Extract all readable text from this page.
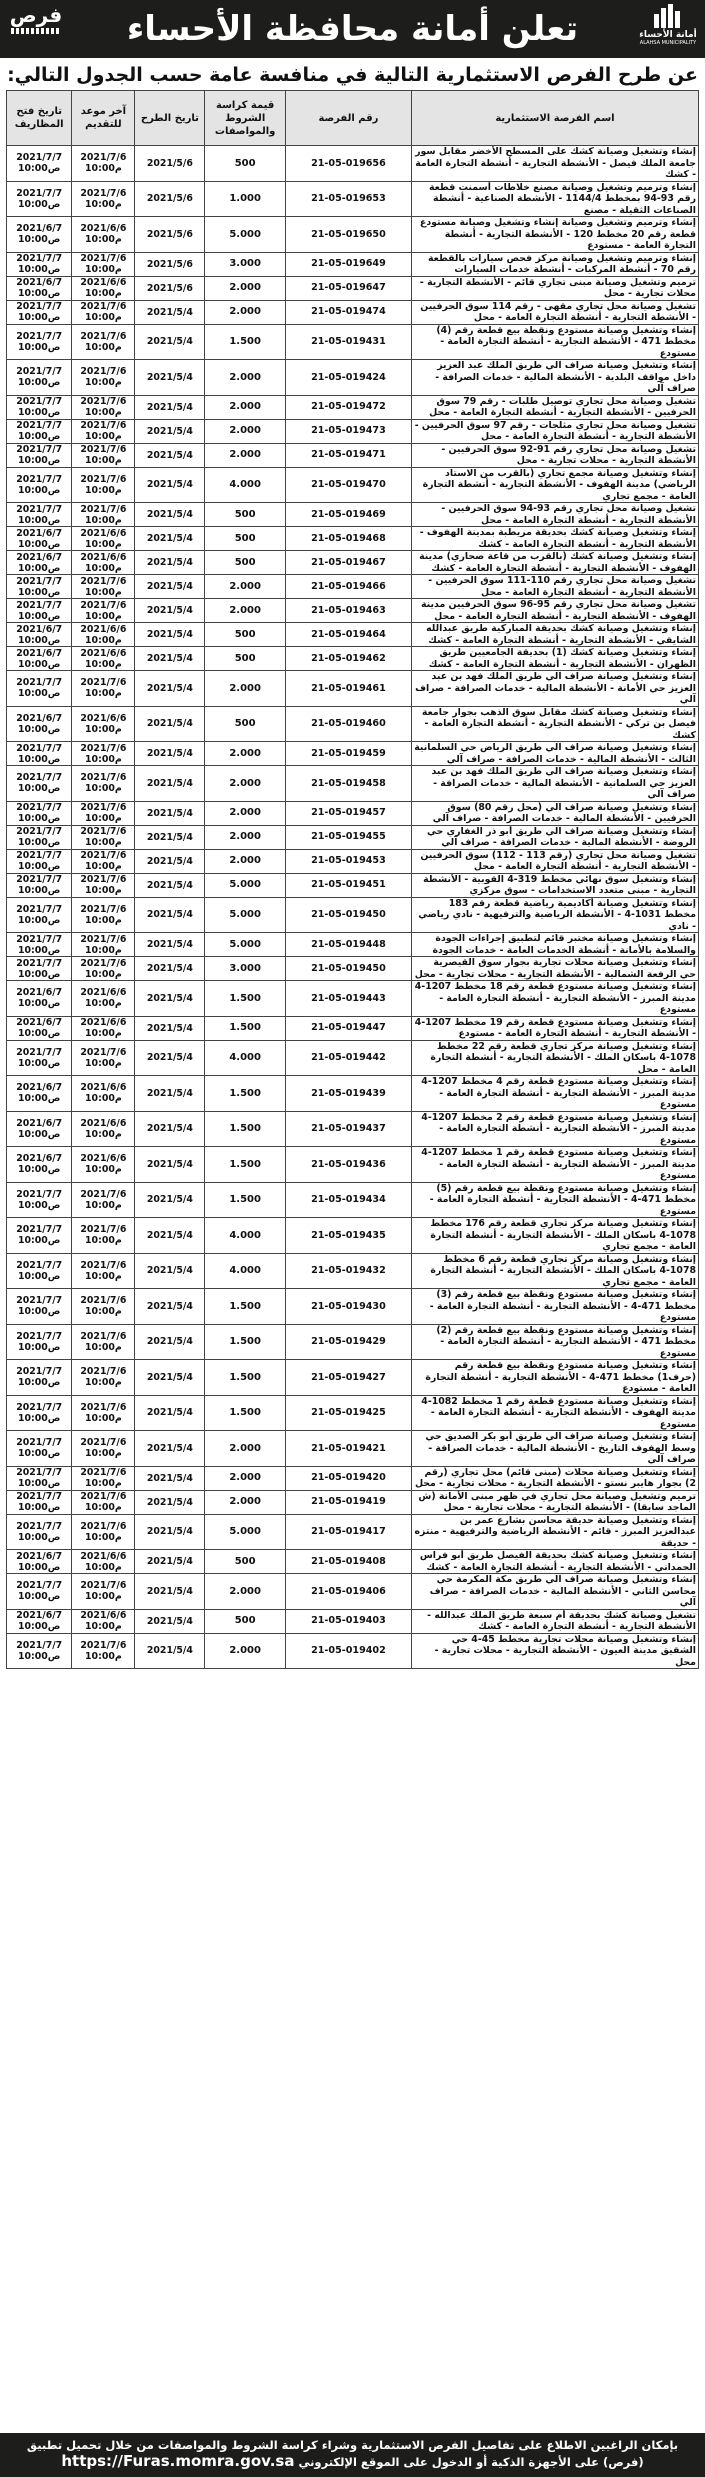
أمانة الأحساء
ALAHSA MUNICIPALITY
تعلن أمانة محافظة الأحساء
فرص
عن طرح الفرص الاستثمارية التالية في منافسة عامة حسب الجدول التالي:
اسم الفرصة الاستثمارية	رقم الفرصة	قيمة كراسة الشروط والمواصفات	تاريخ الطرح	آخر موعد للتقديم	تاريخ فتح المظاريف
إنشاء وتشغيل وصيانة كشك على المسطح الأخضر مقابل سور جامعة الملك فيصل - الأنشطة التجارية - أنشطة التجارة العامة - كشك	21-05-019656	500	2021/5/6	2021/7/6 10:00م	2021/7/7 10:00ص
إنشاء وترميم وتشغيل وصيانة مصنع خلاطات أسمنت قطعة رقم 93-94 بمخطط 1144/4 - الأنشطة الصناعية - أنشطة الصناعات الثقيلة - مصنع	21-05-019653	1.000	2021/5/6	2021/7/6 10:00م	2021/7/7 10:00ص
إنشاء وترميم وتشغيل وصيانة إنشاء وتشغيل وصيانة مستودع قطعة رقم 20 مخطط 120 - الأنشطة التجارية - أنشطة التجارة العامة - مستودع	21-05-019650	5.000	2021/5/6	2021/6/6 10:00م	2021/6/7 10:00ص
إنشاء وترميم وتشغيل وصيانة مركز فحص سيارات بالقطعة رقم 70 - أنشطة المركبات - أنشطة خدمات السيارات	21-05-019649	3.000	2021/5/6	2021/7/6 10:00م	2021/7/7 10:00ص
ترميم وتشغيل وصيانة مبنى تجاري قائم - الأنشطة التجارية - محلات تجارية - محل	21-05-019647	2.000	2021/5/6	2021/6/6 10:00م	2021/6/7 10:00ص
تشغيل وصيانة محل تجاري مقهى - رقم 114 سوق الحرفيين - الأنشطة التجارية - أنشطة التجارة العامة - محل	21-05-019474	2.000	2021/5/4	2021/7/6 10:00م	2021/7/7 10:00ص
إنشاء وتشغيل وصيانة مستودع ونقطة بيع قطعة رقم (4) مخطط 471 - الأنشطة التجارية - أنشطة التجارة العامة - مستودع	21-05-019431	1.500	2021/5/4	2021/7/6 10:00م	2021/7/7 10:00ص
إنشاء وتشغيل وصيانة صراف آلي طريق الملك عبد العزيز داخل مواقف البلدية - الأنشطة المالية - خدمات الصرافة - صراف آلي	21-05-019424	2.000	2021/5/4	2021/7/6 10:00م	2021/7/7 10:00ص
تشغيل وصيانة محل تجاري توصيل طلبات - رقم 79 سوق الحرفيين - الأنشطة التجارية - أنشطة التجارة العامة - محل	21-05-019472	2.000	2021/5/4	2021/7/6 10:00م	2021/7/7 10:00ص
تشغيل وصيانة محل تجاري مثلجات - رقم 97 سوق الحرفيين - الأنشطة التجارية - أنشطة التجارة العامة - محل	21-05-019473	2.000	2021/5/4	2021/7/6 10:00م	2021/7/7 10:00ص
تشغيل وصيانة محل تجاري رقم 91-92 سوق الحرفيين - الأنشطة التجارية - محلات تجارية - محل	21-05-019471	2.000	2021/5/4	2021/7/6 10:00م	2021/7/7 10:00ص
إنشاء وتشغيل وصيانة مجمع تجاري (بالقرب من الاستاد الرياضي) مدينة الهفوف - الأنشطة التجارية - أنشطة التجارة العامة - مجمع تجاري	21-05-019470	4.000	2021/5/4	2021/7/6 10:00م	2021/7/7 10:00ص
تشغيل وصيانة محل تجاري رقم 93-94 سوق الحرفيين - الأنشطة التجارية - أنشطة التجارة العامة - محل	21-05-019469	500	2021/5/4	2021/7/6 10:00م	2021/7/7 10:00ص
إنشاء وتشغيل وصيانة كشك بحديقة مريطبة بمدينة الهفوف - الأنشطة التجارية - أنشطة التجارة العامة - كشك	21-05-019468	500	2021/5/4	2021/6/6 10:00م	2021/6/7 10:00ص
إنشاء وتشغيل وصيانة كشك (بالقرب من قاعة صحاري) مدينة الهفوف - الأنشطة التجارية - أنشطة التجارة العامة - كشك	21-05-019467	500	2021/5/4	2021/6/6 10:00م	2021/6/7 10:00ص
تشغيل وصيانة محل تجاري رقم 110-111 سوق الحرفيين - الأنشطة التجارية - أنشطة التجارة العامة - محل	21-05-019466	2.000	2021/5/4	2021/7/6 10:00م	2021/7/7 10:00ص
تشغيل وصيانة محل تجاري رقم 95-96 سوق الحرفيين مدينة الهفوف - الأنشطة التجارية - أنشطة التجارة العامة - محل	21-05-019463	2.000	2021/5/4	2021/7/6 10:00م	2021/7/7 10:00ص
إنشاء وتشغيل وصيانة كشك بحديقة المباركية طريق عبدالله الشايقي - الأنشطة التجارية - أنشطة التجارة العامة - كشك	21-05-019464	500	2021/5/4	2021/6/6 10:00م	2021/6/7 10:00ص
إنشاء وتشغيل وصيانة كشك (1) بحديقة الجامعيين طريق الظهران - الأنشطة التجارية - أنشطة التجارة العامة - كشك	21-05-019462	500	2021/5/4	2021/6/6 10:00م	2021/6/7 10:00ص
إنشاء وتشغيل وصيانة صراف آلي طريق الملك فهد بن عبد العزيز حي الأمانة - الأنشطة المالية - خدمات الصرافة - صراف آلي	21-05-019461	2.000	2021/5/4	2021/7/6 10:00م	2021/7/7 10:00ص
إنشاء وتشغيل وصيانة كشك مقابل سوق الذهب بجوار جامعة فيصل بن تركي - الأنشطة التجارية - أنشطة التجارة العامة - كشك	21-05-019460	500	2021/5/4	2021/6/6 10:00م	2021/6/7 10:00ص
إنشاء وتشغيل وصيانة صراف آلي طريق الرياض حي السلمانية الثالث - الأنشطة المالية - خدمات الصرافة - صراف آلي	21-05-019459	2.000	2021/5/4	2021/7/6 10:00م	2021/7/7 10:00ص
إنشاء وتشغيل وصيانة صراف آلي طريق الملك فهد بن عبد العزيز حي السلمانية - الأنشطة المالية - خدمات الصرافة - صراف آلي	21-05-019458	2.000	2021/5/4	2021/7/6 10:00م	2021/7/7 10:00ص
إنشاء وتشغيل وصيانة صراف آلي (محل رقم 80) سوق الحرفيين - الأنشطة المالية - خدمات الصرافة - صراف آلي	21-05-019457	2.000	2021/5/4	2021/7/6 10:00م	2021/7/7 10:00ص
إنشاء وتشغيل وصيانة صراف آلي طريق أبو ذر الغفاري حي الروضة - الأنشطة المالية - خدمات الصرافة - صراف آلي	21-05-019455	2.000	2021/5/4	2021/7/6 10:00م	2021/7/7 10:00ص
تشغيل وصيانة محل تجاري (رقم 113 - 112) سوق الحرفيين - الأنشطة التجارية - أنشطة التجارة العامة - محل	21-05-019453	2.000	2021/5/4	2021/7/6 10:00م	2021/7/7 10:00ص
إنشاء وتشغيل سوق نهائي مخطط 319-4 القوبية - الأنشطة التجارية - مبنى متعدد الاستخدامات - سوق مركزي	21-05-019451	5.000	2021/5/4	2021/7/6 10:00م	2021/7/7 10:00ص
إنشاء وتشغيل وصيانة أكاديمية رياضية قطعة رقم 183 مخطط 1031-4 - الأنشطة الرياضية والترفيهية - نادي رياضي - نادي	21-05-019450	5.000	2021/5/4	2021/7/6 10:00م	2021/7/7 10:00ص
إنشاء وتشغيل وصيانة مختبر قائم لتطبيق إجراءات الجودة والسلامة بالأمانة - أنشطة الخدمات العامة - خدمات الجودة	21-05-019448	5.000	2021/5/4	2021/7/6 10:00م	2021/7/7 10:00ص
إنشاء وتشغيل وصيانة محلات تجارية بجوار سوق القيصرية حي الرفعة الشمالية - الأنشطة التجارية - محلات تجارية - محل	21-05-019450	3.000	2021/5/4	2021/7/6 10:00م	2021/7/7 10:00ص
إنشاء وتشغيل وصيانة مستودع قطعة رقم 18 مخطط 1207-4 مدينة المبرز - الأنشطة التجارية - أنشطة التجارة العامة - مستودع	21-05-019443	1.500	2021/5/4	2021/6/6 10:00م	2021/6/7 10:00ص
إنشاء وتشغيل وصيانة مستودع قطعة رقم 19 مخطط 1207-4 - الأنشطة التجارية - أنشطة التجارة العامة - مستودع	21-05-019447	1.500	2021/5/4	2021/6/6 10:00م	2021/6/7 10:00ص
إنشاء وتشغيل وصيانة مركز تجاري قطعة رقم 22 مخطط 1078-4 باسكان الملك - الأنشطة التجارية - أنشطة التجارة العامة - محل	21-05-019442	4.000	2021/5/4	2021/7/6 10:00م	2021/7/7 10:00ص
إنشاء وتشغيل وصيانة مستودع قطعة رقم 4 مخطط 1207-4 مدينة المبرز - الأنشطة التجارية - أنشطة التجارة العامة - مستودع	21-05-019439	1.500	2021/5/4	2021/6/6 10:00م	2021/6/7 10:00ص
إنشاء وتشغيل وصيانة مستودع قطعة رقم 2 مخطط 1207-4 مدينة المبرز - الأنشطة التجارية - أنشطة التجارة العامة - مستودع	21-05-019437	1.500	2021/5/4	2021/6/6 10:00م	2021/6/7 10:00ص
إنشاء وتشغيل وصيانة مستودع قطعة رقم 1 مخطط 1207-4 مدينة المبرز - الأنشطة التجارية - أنشطة التجارة العامة - مستودع	21-05-019436	1.500	2021/5/4	2021/6/6 10:00م	2021/6/7 10:00ص
إنشاء وتشغيل وصيانة مستودع ونقطة بيع قطعة رقم (5) مخطط 471-4 - الأنشطة التجارية - أنشطة التجارة العامة - مستودع	21-05-019434	1.500	2021/5/4	2021/7/6 10:00م	2021/7/7 10:00ص
إنشاء وتشغيل وصيانة مركز تجاري قطعة رقم 176 مخطط 1078-4 باسكان الملك - الأنشطة التجارية - أنشطة التجارة العامة - مجمع تجاري	21-05-019435	4.000	2021/5/4	2021/7/6 10:00م	2021/7/7 10:00ص
إنشاء وتشغيل وصيانة مركز تجاري قطعة رقم 6 مخطط 1078-4 باسكان الملك - الأنشطة التجارية - أنشطة التجارة العامة - مجمع تجاري	21-05-019432	4.000	2021/5/4	2021/7/6 10:00م	2021/7/7 10:00ص
إنشاء وتشغيل وصيانة مستودع ونقطة بيع قطعة رقم (3) مخطط 471-4 - الأنشطة التجارية - أنشطة التجارة العامة - مستودع	21-05-019430	1.500	2021/5/4	2021/7/6 10:00م	2021/7/7 10:00ص
إنشاء وتشغيل وصيانة مستودع ونقطة بيع قطعة رقم (2) مخطط 471 - الأنشطة التجارية - أنشطة التجارة العامة - مستودع	21-05-019429	1.500	2021/5/4	2021/7/6 10:00م	2021/7/7 10:00ص
إنشاء وتشغيل وصيانة مستودع ونقطة بيع قطعة رقم (حرف1) مخطط 471-4 - الأنشطة التجارية - أنشطة التجارة العامة - مستودع	21-05-019427	1.500	2021/5/4	2021/7/6 10:00م	2021/7/7 10:00ص
إنشاء وتشغيل وصيانة مستودع قطعة رقم 1 مخطط 1082-4 مدينة الهفوف - الأنشطة التجارية - أنشطة التجارة العامة - مستودع	21-05-019425	1.500	2021/5/4	2021/7/6 10:00م	2021/7/7 10:00ص
إنشاء وتشغيل وصيانة صراف آلي طريق أبو بكر الصديق حي وسط الهفوف التاريخ - الأنشطة المالية - خدمات الصرافة - صراف آلي	21-05-019421	2.000	2021/5/4	2021/7/6 10:00م	2021/7/7 10:00ص
إنشاء وتشغيل وصيانة محلات (مبنى قائم) محل تجاري (رقم 2) بجوار هايبر نستو - الأنشطة التجارية - محلات تجارية - محل	21-05-019420	2.000	2021/5/4	2021/7/6 10:00م	2021/7/7 10:00ص
ترميم وتشغيل وصيانة محل تجاري في ظهر مبنى الأمانة (ش الماجد سابقا) - الأنشطة التجارية - محلات تجارية - محل	21-05-019419	2.000	2021/5/4	2021/7/6 10:00م	2021/7/7 10:00ص
إنشاء وتشغيل وصيانة حديقة محاسن بشارع عمر بن عبدالعزيز المبرز - قائم - الأنشطة الرياضية والترفيهية - منتزه - حديقة	21-05-019417	5.000	2021/5/4	2021/7/6 10:00م	2021/7/7 10:00ص
إنشاء وتشغيل وصيانة كشك بحديقة الفيصل طريق أبو فراس الحمداني - الأنشطة التجارية - أنشطة التجارة العامة - كشك	21-05-019408	500	2021/5/4	2021/6/6 10:00م	2021/6/7 10:00ص
إنشاء وتشغيل وصيانة صراف آلي طريق مكة المكرمة حي محاسن الثاني - الأنشطة المالية - خدمات الصرافة - صراف آلي	21-05-019406	2.000	2021/5/4	2021/7/6 10:00م	2021/7/7 10:00ص
تشغيل وصيانة كشك بحديقة أم سبعة طريق الملك عبدالله - الأنشطة التجارية - أنشطة التجارة العامة - كشك	21-05-019403	500	2021/5/4	2021/6/6 10:00م	2021/6/7 10:00ص
إنشاء وتشغيل وصيانة محلات تجارية مخطط 45-4 حي الشقيق مدينة العيون - الأنشطة التجارية - محلات تجارية - محل	21-05-019402	2.000	2021/5/4	2021/7/6 10:00م	2021/7/7 10:00ص
بإمكان الراغبين الاطلاع على تفاصيل الفرص الاستثمارية وشراء كراسة الشروط والمواصفات من خلال تحميل تطبيق
(فرص) على الأجهزة الذكية أو الدخول على الموقع الإلكتروني https://Furas.momra.gov.sa
